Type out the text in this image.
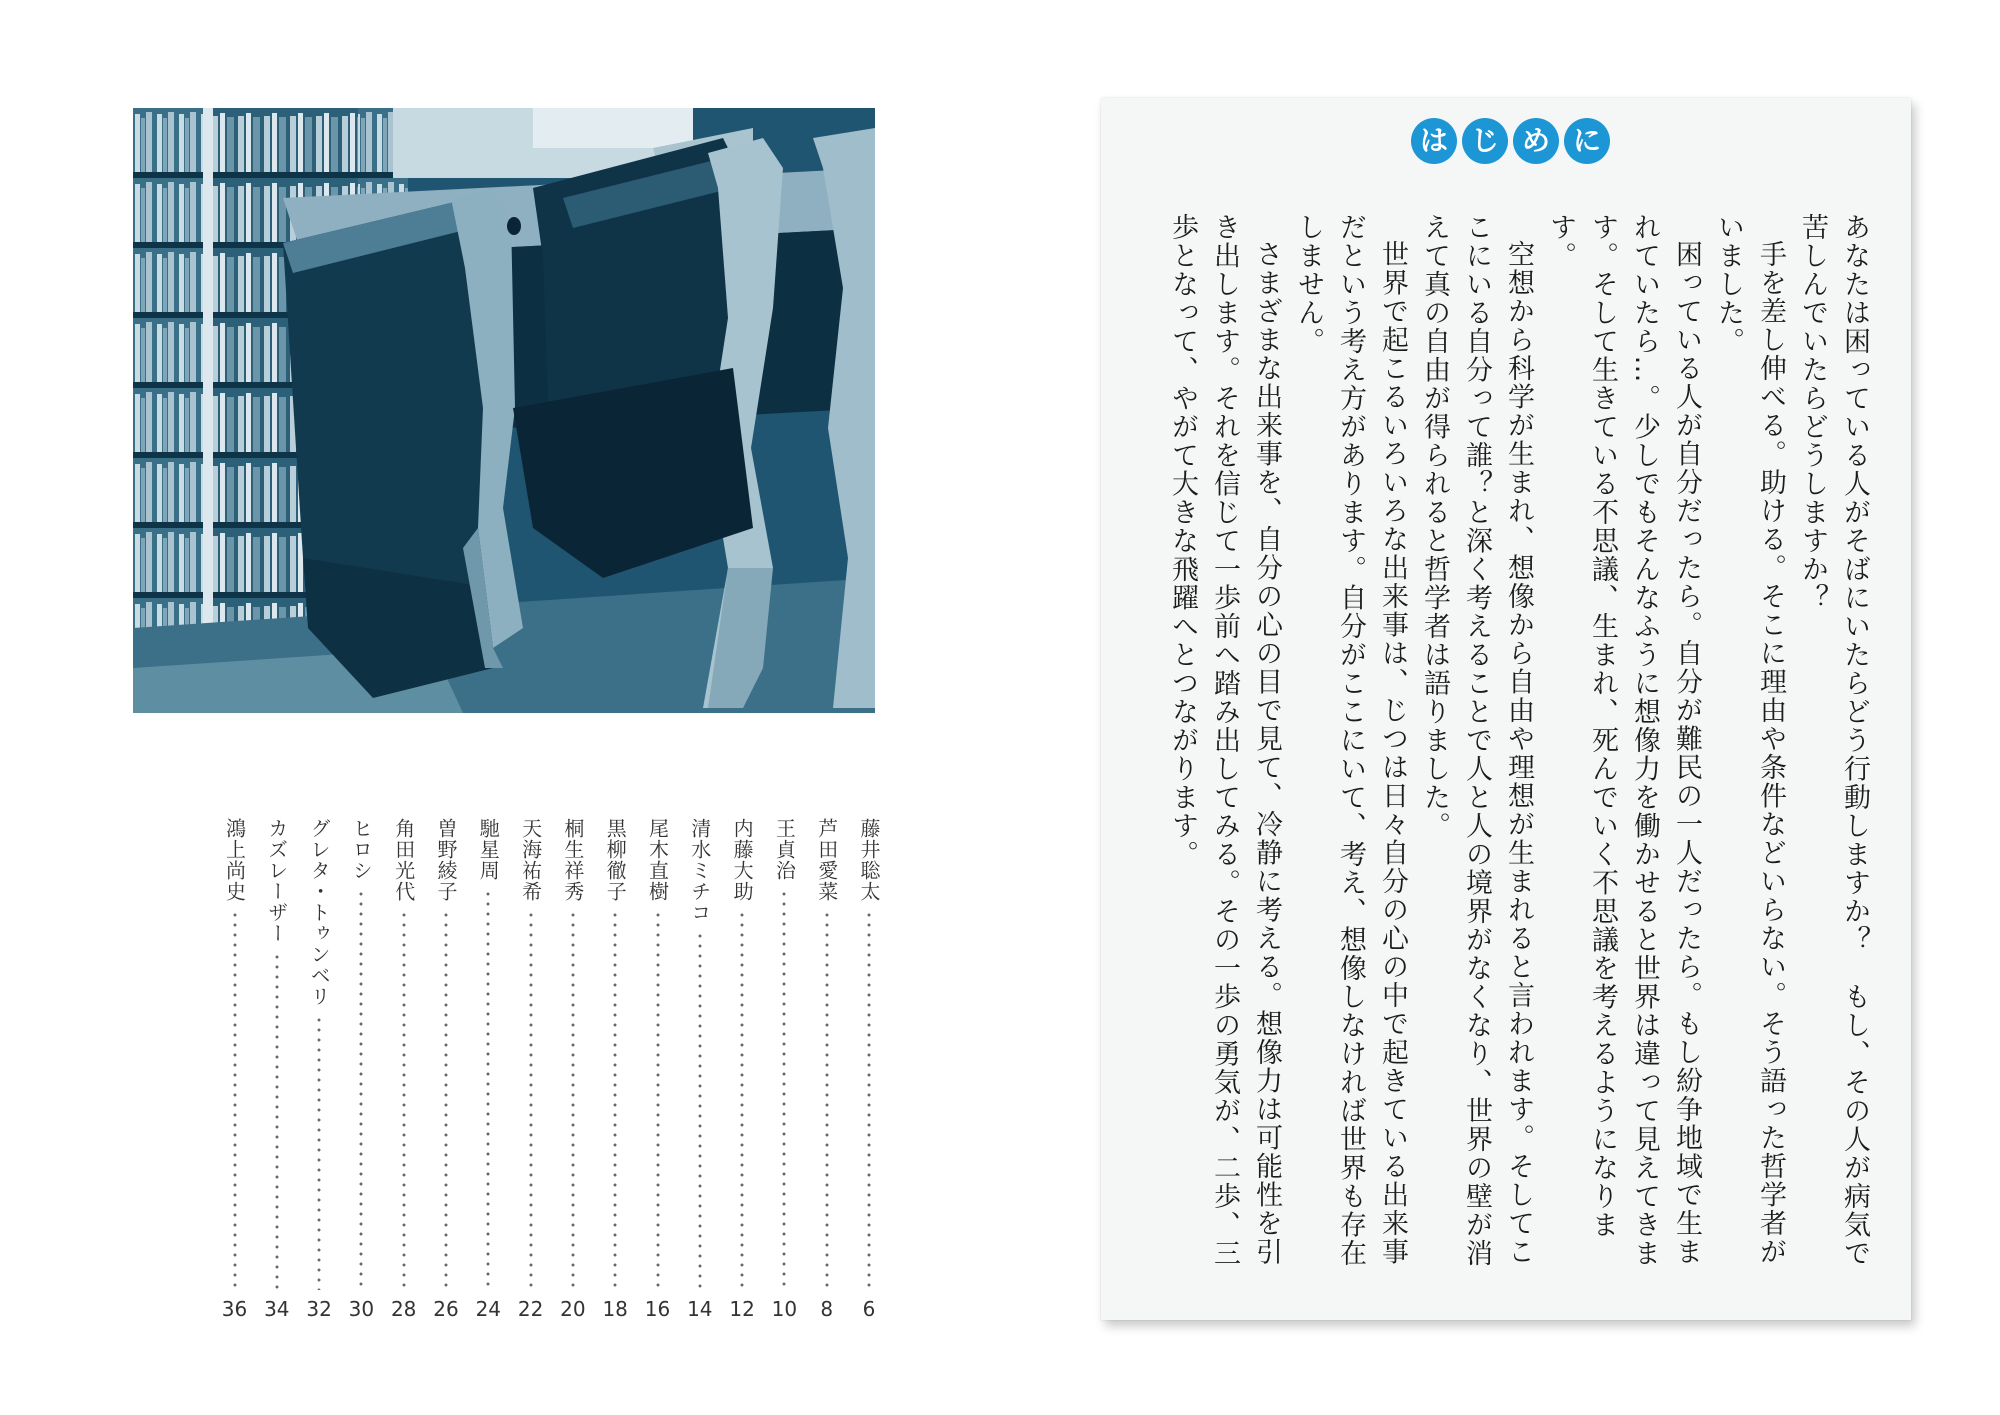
藤井聡太
6
芦田愛菜
8
王貞治
10
内藤大助
12
清水ミチコ
14
尾木直樹
16
黒柳徹子
18
桐生祥秀
20
天海祐希
22
馳星周
24
曽野綾子
26
角田光代
28
ヒロシ
30
グレタ・トゥンベリ
32
カズレーザー
34
鴻上尚史
36
は じ め に

あなたは困っている人がそばにいたらどう行動しますか？　もし、その人が病気で苦しんでいたらどうしますか？

手を差し伸べる。助ける。そこに理由や条件などいらない。そう語った哲学者がいました。

困っている人が自分だったら。自分が難民の一人だったら。もし紛争地域で生まれていたら…。少しでもそんなふうに想像力を働かせると世界は違って見えてきます。そして生きている不思議、生まれ、死んでいく不思議を考えるようになります。

空想から科学が生まれ、想像から自由や理想が生まれると言われます。そしてここにいる自分って誰？と深く考えることで人と人の境界がなくなり、世界の壁が消えて真の自由が得られると哲学者は語りました。

世界で起こるいろいろな出来事は、じつは日々自分の心の中で起きている出来事だという考え方があります。自分がここにいて、考え、想像しなければ世界も存在しません。

さまざまな出来事を、自分の心の目で見て、冷静に考える。想像力は可能性を引き出します。それを信じて一歩前へ踏み出してみる。その一歩の勇気が、二歩、三歩となって、やがて大きな飛躍へとつながります。
